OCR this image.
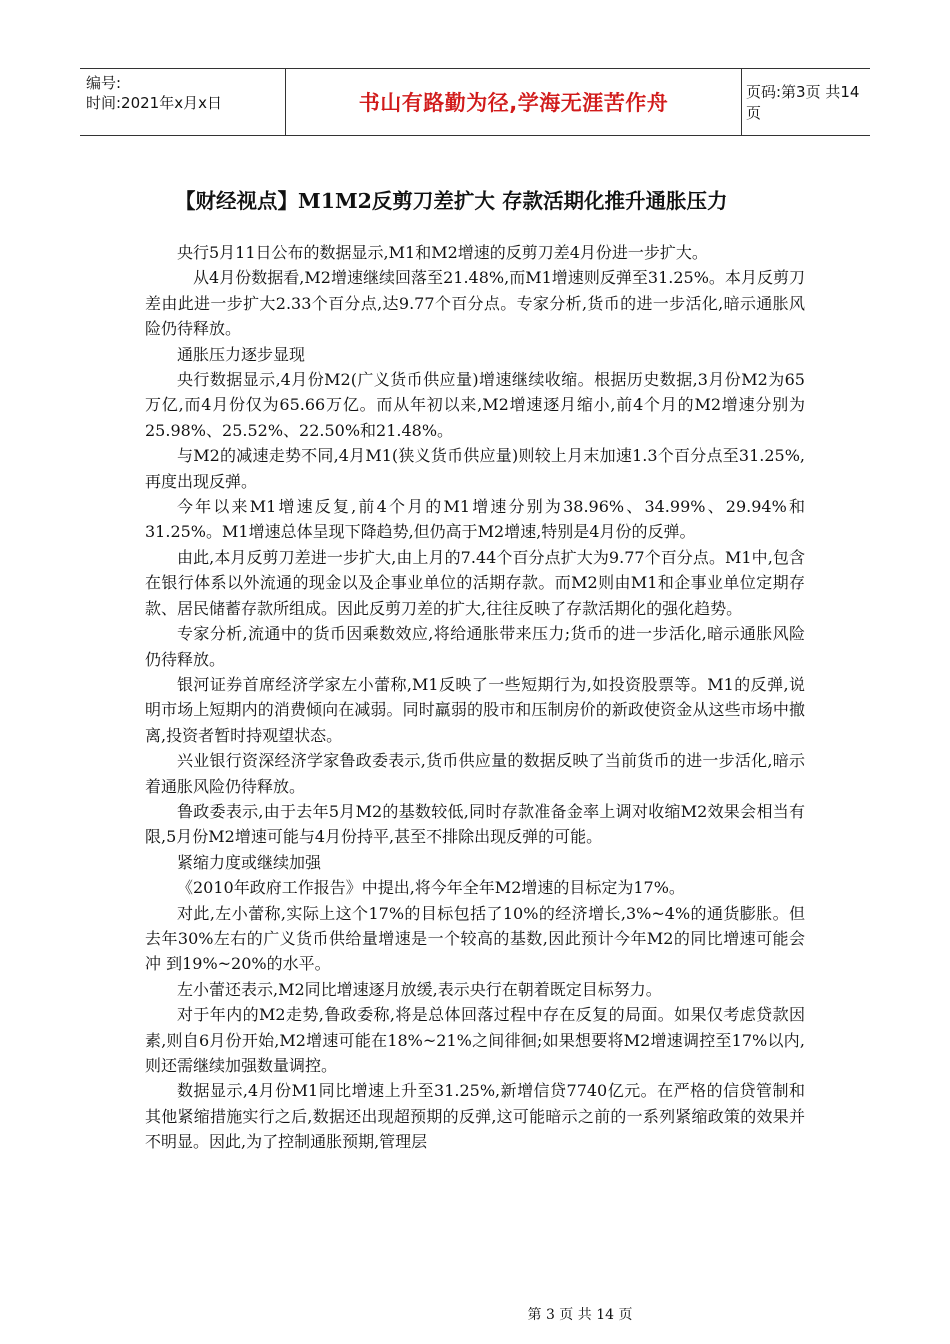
编号:
时间:2021年x月x日	书山有路勤为径,学海无涯苦作舟	页码:第3页 共14页
【财经视点】M1M2反剪刀差扩大 存款活期化推升通胀压力

央行5月11日公布的数据显示,M1和M2增速的反剪刀差4月份进一步扩大。

从4月份数据看,M2增速继续回落至21.48%,而M1增速则反弹至31.25%。本月反剪刀差由此进一步扩大2.33个百分点,达9.77个百分点。专家分析,货币的进一步活化,暗示通胀风险仍待释放。

通胀压力逐步显现

央行数据显示,4月份M2(广义货币供应量)增速继续收缩。根据历史数据,3月份M2为65万亿,而4月份仅为65.66万亿。而从年初以来,M2增速逐月缩小,前4个月的M2增速分别为25.98%、25.52%、22.50%和21.48%。

与M2的减速走势不同,4月M1(狭义货币供应量)则较上月末加速1.3个百分点至31.25%,再度出现反弹。

今年以来M1增速反复,前4个月的M1增速分别为38.96%、34.99%、29.94%和31.25%。M1增速总体呈现下降趋势,但仍高于M2增速,特别是4月份的反弹。

由此,本月反剪刀差进一步扩大,由上月的7.44个百分点扩大为9.77个百分点。M1中,包含在银行体系以外流通的现金以及企事业单位的活期存款。而M2则由M1和企事业单位定期存款、居民储蓄存款所组成。因此反剪刀差的扩大,往往反映了存款活期化的强化趋势。

专家分析,流通中的货币因乘数效应,将给通胀带来压力;货币的进一步活化,暗示通胀风险仍待释放。

银河证券首席经济学家左小蕾称,M1反映了一些短期行为,如投资股票等。M1的反弹,说明市场上短期内的消费倾向在减弱。同时羸弱的股市和压制房价的新政使资金从这些市场中撤离,投资者暂时持观望状态。

兴业银行资深经济学家鲁政委表示,货币供应量的数据反映了当前货币的进一步活化,暗示着通胀风险仍待释放。

鲁政委表示,由于去年5月M2的基数较低,同时存款准备金率上调对收缩M2效果会相当有限,5月份M2增速可能与4月份持平,甚至不排除出现反弹的可能。

紧缩力度或继续加强

《2010年政府工作报告》中提出,将今年全年M2增速的目标定为17%。

对此,左小蕾称,实际上这个17%的目标包括了10%的经济增长,3%~4%的通货膨胀。但去年30%左右的广义货币供给量增速是一个较高的基数,因此预计今年M2的同比增速可能会 冲 到19%~20%的水平。

左小蕾还表示,M2同比增速逐月放缓,表示央行在朝着既定目标努力。

对于年内的M2走势,鲁政委称,将是总体回落过程中存在反复的局面。如果仅考虑贷款因素,则自6月份开始,M2增速可能在18%~21%之间徘徊;如果想要将M2增速调控至17%以内,则还需继续加强数量调控。

数据显示,4月份M1同比增速上升至31.25%,新增信贷7740亿元。在严格的信贷管制和其他紧缩措施实行之后,数据还出现超预期的反弹,这可能暗示之前的一系列紧缩政策的效果并不明显。因此,为了控制通胀预期,管理层

第 3 页 共 14 页
